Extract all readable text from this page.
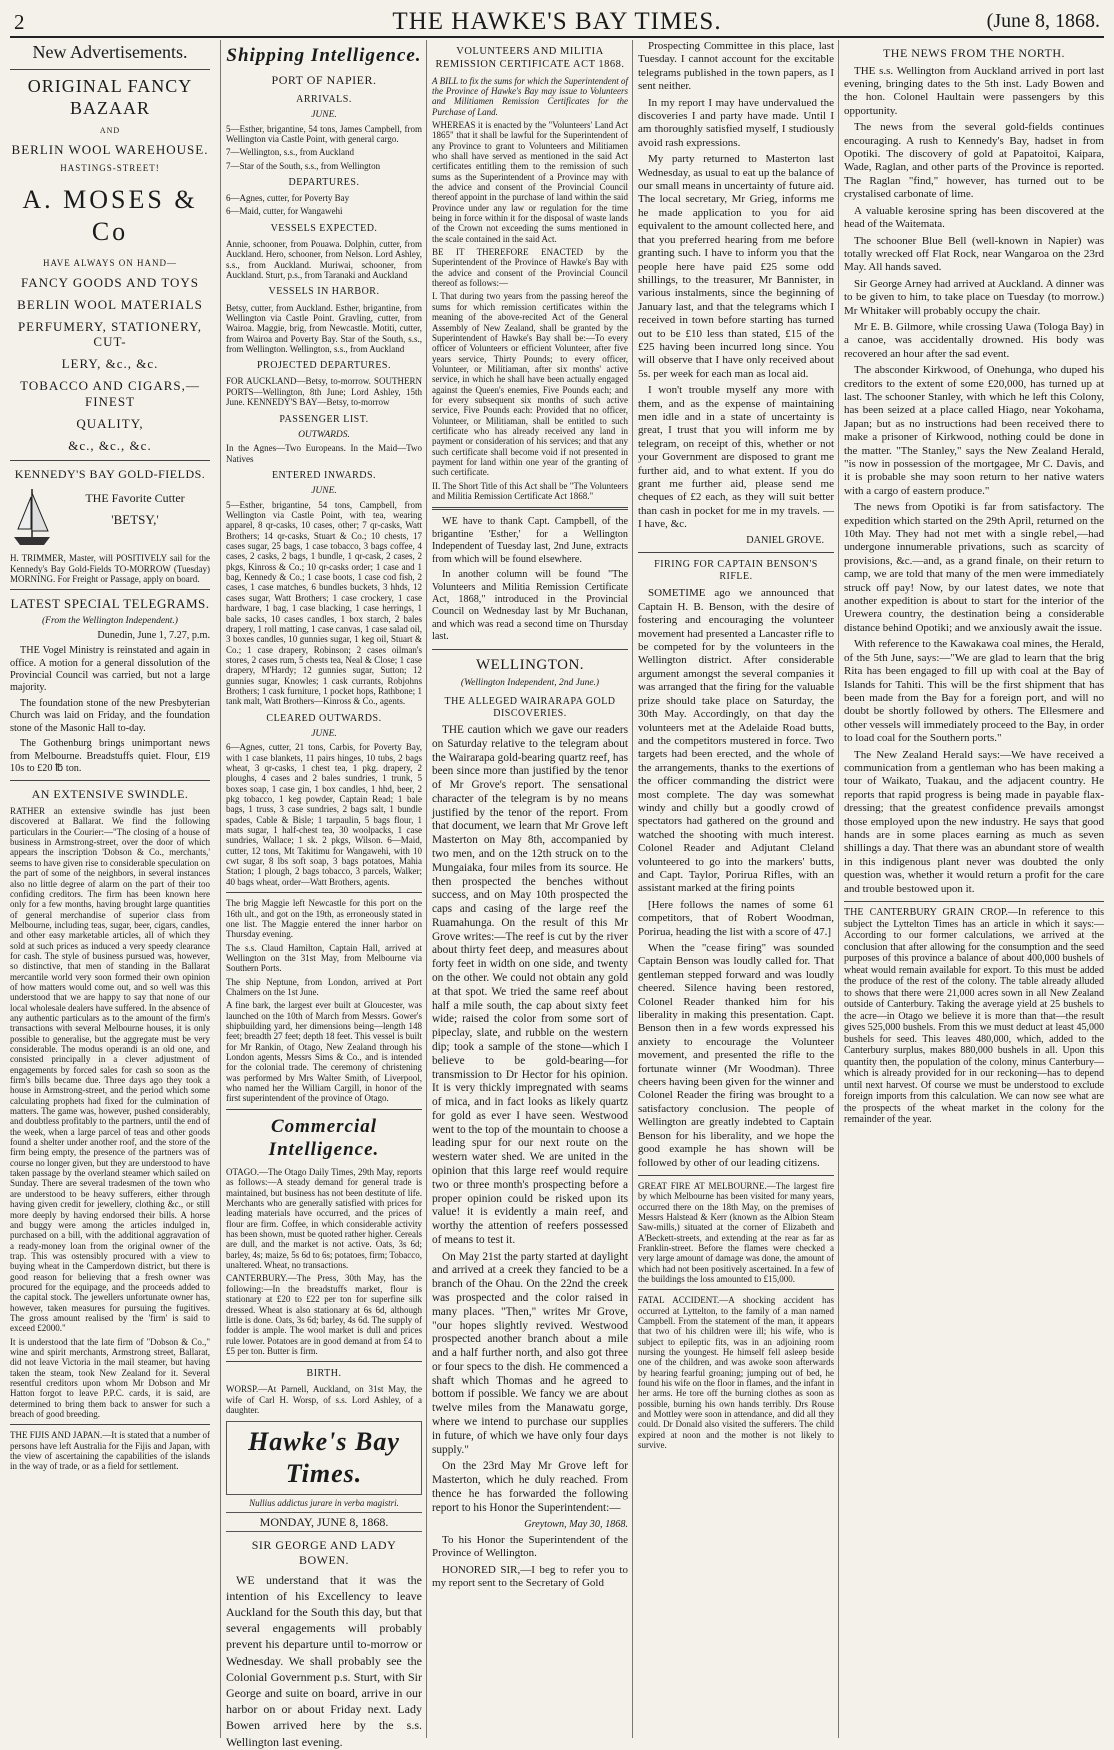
2	THE HAWKE'S BAY TIMES.	(June 8, 1868.
New Advertisements.
ORIGINAL FANCY BAZAAR
AND
BERLIN WOOL WAREHOUSE.
HASTINGS-STREET!
A. MOSES & Co
HAVE ALWAYS ON HAND—
FANCY GOODS AND TOYS
BERLIN WOOL MATERIALS
PERFUMERY, STATIONERY, CUT-
LERY, &c., &c.
TOBACCO AND CIGARS,—FINEST
QUALITY,
&c., &c., &c.
KENNEDY'S BAY GOLD-FIELDS.
THE Favorite Cutter
'BETSY,'

H. TRIMMER, Master, will POSITIVELY sail for the Kennedy's Bay Gold-Fields TO-MORROW (Tuesday) MORNING. For Freight or Passage, apply on board.

LATEST SPECIAL TELEGRAMS.
(From the Wellington Independent.)

Dunedin, June 1, 7.27, p.m.

THE Vogel Ministry is reinstated and again in office. A motion for a general dissolution of the Provincial Council was carried, but not a large majority.

The foundation stone of the new Presbyterian Church was laid on Friday, and the foundation stone of the Masonic Hall to-day.

The Gothenburg brings unimportant news from Melbourne. Breadstuffs quiet. Flour, £19 10s to £20 ℔ ton.

AN EXTENSIVE SWINDLE.

RATHER an extensive swindle has just been discovered at Ballarat. We find the following particulars in the Courier:—"The closing of a house of business in Armstrong-street, over the door of which appears the inscription 'Dobson & Co., merchants,' seems to have given rise to considerable speculation on the part of some of the neighbors, in several instances also no little degree of alarm on the part of their too confiding creditors. The firm has been known here only for a few months, having brought large quantities of general merchandise of superior class from Melbourne, including teas, sugar, beer, cigars, candles, and other easy marketable articles, all of which they sold at such prices as induced a very speedy clearance for cash. The style of business pursued was, however, so distinctive, that men of standing in the Ballarat mercantile world very soon formed their own opinion of how matters would come out, and so well was this understood that we are happy to say that none of our local wholesale dealers have suffered. In the absence of any authentic particulars as to the amount of the firm's transactions with several Melbourne houses, it is only possible to generalise, but the aggregate must be very considerable. The modus operandi is an old one, and consisted principally in a clever adjustment of engagements by forced sales for cash so soon as the firm's bills became due. Three days ago they took a house in Armstrong-street, and the period which some calculating prophets had fixed for the culmination of matters. The game was, however, pushed considerably, and doubtless profitably to the partners, until the end of the week, when a large parcel of teas and other goods found a shelter under another roof, and the store of the firm being empty, the presence of the partners was of course no longer given, but they are understood to have taken passage by the overland steamer which sailed on Sunday. There are several tradesmen of the town who are understood to be heavy sufferers, either through having given credit for jewellery, clothing &c., or still more deeply by having endorsed their bills. A horse and buggy were among the articles indulged in, purchased on a bill, with the additional aggravation of a ready-money loan from the original owner of the trap. This was ostensibly procured with a view to buying wheat in the Camperdown district, but there is good reason for believing that a fresh owner was procured for the equipage, and the proceeds added to the capital stock. The jewellers unfortunate owner has, however, taken measures for pursuing the fugitives. The gross amount realised by the 'firm' is said to exceed £2000."

It is understood that the late firm of "Dobson & Co.," wine and spirit merchants, Armstrong street, Ballarat, did not leave Victoria in the mail steamer, but having taken the steam, took New Zealand for it. Several resentful creditors upon whom Mr Dobson and Mr Hatton forgot to leave P.P.C. cards, it is said, are determined to bring them back to answer for such a breach of good breeding.

THE FIJIS AND JAPAN.—It is stated that a number of persons have left Australia for the Fijis and Japan, with the view of ascertaining the capabilities of the islands in the way of trade, or as a field for settlement.

Shipping Intelligence.
PORT OF NAPIER.
ARRIVALS.
JUNE.

5—Esther, brigantine, 54 tons, James Campbell, from Wellington via Castle Point, with general cargo.

7—Wellington, s.s., from Auckland

7—Star of the South, s.s., from Wellington

DEPARTURES.

6—Agnes, cutter, for Poverty Bay

6—Maid, cutter, for Wangawehi

VESSELS EXPECTED.

Annie, schooner, from Pouawa. Dolphin, cutter, from Auckland. Hero, schooner, from Nelson. Lord Ashley, s.s., from Auckland. Muriwai, schooner, from Auckland. Sturt, p.s., from Taranaki and Auckland

VESSELS IN HARBOR.

Betsy, cutter, from Auckland. Esther, brigantine, from Wellington via Castle Point. Gravling, cutter, from Wairoa. Maggie, brig, from Newcastle. Motiti, cutter, from Wairoa and Poverty Bay. Star of the South, s.s., from Wellington. Wellington, s.s., from Auckland

PROJECTED DEPARTURES.

FOR AUCKLAND—Betsy, to-morrow. SOUTHERN PORTS—Wellington, 8th June; Lord Ashley, 15th June. KENNEDY'S BAY—Betsy, to-morrow

PASSENGER LIST.
OUTWARDS.

In the Agnes—Two Europeans. In the Maid—Two Natives

ENTERED INWARDS.
JUNE.

5—Esther, brigantine, 54 tons, Campbell, from Wellington via Castle Point, with tea, wearing apparel, 8 qr-casks, 10 cases, other; 7 qr-casks, Watt Brothers; 14 qr-casks, Stuart & Co.; 10 chests, 17 cases sugar, 25 bags, 1 case tobacco, 3 bags coffee, 4 cases, 2 casks, 2 bags, 1 bundle, 1 qr-cask, 2 cases, 2 pkgs, Kinross & Co.; 10 qr-casks order; 1 case and 1 bag, Kennedy & Co.; 1 case boots, 1 case cod fish, 2 cases, 1 case matches, 6 bundles buckets, 3 hhds, 12 cases sugar, Watt Brothers; 1 case crockery, 1 case hardware, 1 bag, 1 case blacking, 1 case herrings, 1 bale sacks, 10 cases candles, 1 box starch, 2 bales drapery, 1 roll matting, 1 case canvas, 1 case salad oil, 3 boxes candles, 10 gunnies sugar, 1 keg oil, Stuart & Co.; 1 case drapery, Robinson; 2 cases oilman's stores, 2 cases rum, 5 chests tea, Neal & Close; 1 case drapery, M'Hardy; 12 gunnies sugar, Sutton; 12 gunnies sugar, Knowles; 1 cask currants, Robjohns Brothers; 1 cask furniture, 1 pocket hops, Rathbone; 1 tank malt, Watt Brothers—Kinross & Co., agents.

CLEARED OUTWARDS.
JUNE.

6—Agnes, cutter, 21 tons, Carbis, for Poverty Bay, with 1 case blankets, 11 pairs hinges, 10 tubs, 2 bags wheat, 3 qr-casks, 1 chest tea, 1 pkg. drapery, 2 ploughs, 4 cases and 2 bales sundries, 1 trunk, 5 boxes soap, 1 case gin, 1 box candles, 1 hhd, beer, 2 pkg tobacco, 1 keg powder, Captain Read; 1 bale bags, 1 truss, 3 case sundries, 2 bags salt, 1 bundle spades, Cable & Bisle; 1 tarpaulin, 5 bags flour, 1 mats sugar, 1 half-chest tea, 30 woolpacks, 1 case sundries, Wallace; 1 sk. 2 pkgs, Wilson. 6—Maid, cutter, 12 tons, Mt Takitimu for Wangawehi, with 10 cwt sugar, 8 lbs soft soap, 3 bags potatoes, Mahia Station; 1 plough, 2 bags tobacco, 3 parcels, Walker; 40 bags wheat, order—Watt Brothers, agents.

The brig Maggie left Newcastle for this port on the 16th ult., and got on the 19th, as erroneously stated in one list. The Maggie entered the inner harbor on Thursday evening.

The s.s. Claud Hamilton, Captain Hall, arrived at Wellington on the 31st May, from Melbourne via Southern Ports.

The ship Neptune, from London, arrived at Port Chalmers on the 1st June.

A fine bark, the largest ever built at Gloucester, was launched on the 10th of March from Messrs. Gower's shipbuilding yard, her dimensions being—length 148 feet; breadth 27 feet; depth 18 feet. This vessel is built for Mr Rankin, of Otago, New Zealand through his London agents, Messrs Sims & Co., and is intended for the colonial trade. The ceremony of christening was performed by Mrs Walter Smith, of Liverpool, who named her the William Cargill, in honor of the first superintendent of the province of Otago.

Commercial Intelligence.

OTAGO.—The Otago Daily Times, 29th May, reports as follows:—A steady demand for general trade is maintained, but business has not been destitute of life. Merchants who are generally satisfied with prices for leading materials have occurred, and the prices of flour are firm. Coffee, in which considerable activity has been shown, must be quoted rather higher. Cereals are dull, and the market is not active. Oats, 3s 6d; barley, 4s; maize, 5s 6d to 6s; potatoes, firm; Tobacco, unaltered. Wheat, no transactions.

CANTERBURY.—The Press, 30th May, has the following:—In the breadstuffs market, flour is stationary at £20 to £22 per ton for superfine silk dressed. Wheat is also stationary at 6s 6d, although little is done. Oats, 3s 6d; barley, 4s 6d. The supply of fodder is ample. The wool market is dull and prices rule lower. Potatoes are in good demand at from £4 to £5 per ton. Butter is firm.

BIRTH.

WORSP.—At Parnell, Auckland, on 31st May, the wife of Carl H. Worsp, of s.s. Lord Ashley, of a daughter.

Hawke's Bay Times.
Nullius addictus jurare in verba magistri.
MONDAY, JUNE 8, 1868.
SIR GEORGE AND LADY BOWEN.

WE understand that it was the intention of his Excellency to leave Auckland for the South this day, but that several engagements will probably prevent his departure until to-morrow or Wednesday. We shall probably see the Colonial Government p.s. Sturt, with Sir George and suite on board, arrive in our harbor on or about Friday next. Lady Bowen arrived here by the s.s. Wellington last evening.

VOLUNTEERS AND MILITIA REMISSION CERTIFICATE ACT 1868.

A BILL to fix the sums for which the Superintendent of the Province of Hawke's Bay may issue to Volunteers and Militiamen Remission Certificates for the Purchase of Land.

WHEREAS it is enacted by the "Volunteers' Land Act 1865" that it shall be lawful for the Superintendent of any Province to grant to Volunteers and Militiamen who shall have served as mentioned in the said Act certificates entitling them to the remission of such sums as the Superintendent of a Province may with the advice and consent of the Provincial Council thereof appoint in the purchase of land within the said Province under any law or regulation for the time being in force within it for the disposal of waste lands of the Crown not exceeding the sums mentioned in the scale contained in the said Act.

BE IT THEREFORE ENACTED by the Superintendent of the Province of Hawke's Bay with the advice and consent of the Provincial Council thereof as follows:—

I. That during two years from the passing hereof the sums for which remission certificates within the meaning of the above-recited Act of the General Assembly of New Zealand, shall be granted by the Superintendent of Hawke's Bay shall be:—To every officer of Volunteers or efficient Volunteer, after five years service, Thirty Pounds; to every officer, Volunteer, or Militiaman, after six months' active service, in which he shall have been actually engaged against the Queen's enemies, Five Pounds each; and for every subsequent six months of such active service, Five Pounds each: Provided that no officer, Volunteer, or Militiaman, shall be entitled to such certificate who has already received any land in payment or consideration of his services; and that any such certificate shall become void if not presented in payment for land within one year of the granting of such certificate.

II. The Short Title of this Act shall be "The Volunteers and Militia Remission Certificate Act 1868."

WE have to thank Capt. Campbell, of the brigantine 'Esther,' for a Wellington Independent of Tuesday last, 2nd June, extracts from which will be found elsewhere.

In another column will be found "The Volunteers and Militia Remission Certificate Act, 1868," introduced in the Provincial Council on Wednesday last by Mr Buchanan, and which was read a second time on Thursday last.

WELLINGTON.
(Wellington Independent, 2nd June.)
THE ALLEGED WAIRARAPA GOLD DISCOVERIES.

THE caution which we gave our readers on Saturday relative to the telegram about the Wairarapa gold-bearing quartz reef, has been since more than justified by the tenor of Mr Grove's report. The sensational character of the telegram is by no means justified by the tenor of the report. From that document, we learn that Mr Grove left Masterton on May 8th, accompanied by two men, and on the 12th struck on to the Mungaiaka, four miles from its source. He then prospected the benches without success, and on May 10th prospected the caps and casing of the large reef the Ruamahunga. On the result of this Mr Grove writes:—The reef is cut by the river about thirty feet deep, and measures about forty feet in width on one side, and twenty on the other. We could not obtain any gold at that spot. We tried the same reef about half a mile south, the cap about sixty feet wide; raised the color from some sort of pipeclay, slate, and rubble on the western dip; took a sample of the stone—which I believe to be gold-bearing—for transmission to Dr Hector for his opinion. It is very thickly impregnated with seams of mica, and in fact looks as likely quartz for gold as ever I have seen. Westwood went to the top of the mountain to choose a leading spur for our next route on the western water shed. We are united in the opinion that this large reef would require two or three month's prospecting before a proper opinion could be risked upon its value! it is evidently a main reef, and worthy the attention of reefers possessed of means to test it.

On May 21st the party started at daylight and arrived at a creek they fancied to be a branch of the Ohau. On the 22nd the creek was prospected and the color raised in many places. "Then," writes Mr Grove, "our hopes slightly revived. Westwood prospected another branch about a mile and a half further north, and also got three or four specs to the dish. He commenced a shaft which Thomas and he agreed to bottom if possible. We fancy we are about twelve miles from the Manawatu gorge, where we intend to purchase our supplies in future, of which we have only four days supply."

On the 23rd May Mr Grove left for Masterton, which he duly reached. From thence he has forwarded the following report to his Honor the Superintendent:—

Greytown, May 30, 1868.

To his Honor the Superintendent of the Province of Wellington.

HONORED SIR,—I beg to refer you to my report sent to the Secretary of Gold

Prospecting Committee in this place, last Tuesday. I cannot account for the excitable telegrams published in the town papers, as I sent neither.

In my report I may have undervalued the discoveries I and party have made. Until I am thoroughly satisfied myself, I studiously avoid rash expressions.

My party returned to Masterton last Wednesday, as usual to eat up the balance of our small means in uncertainty of future aid. The local secretary, Mr Grieg, informs me he made application to you for aid equivalent to the amount collected here, and that you preferred hearing from me before granting such. I have to inform you that the people here have paid £25 some odd shillings, to the treasurer, Mr Bannister, in various instalments, since the beginning of January last, and that the telegrams which I received in town before starting has turned out to be £10 less than stated, £15 of the £25 having been incurred long since. You will observe that I have only received about 5s. per week for each man as local aid.

I won't trouble myself any more with them, and as the expense of maintaining men idle and in a state of uncertainty is great, I trust that you will inform me by telegram, on receipt of this, whether or not your Government are disposed to grant me further aid, and to what extent. If you do grant me further aid, please send me cheques of £2 each, as they will suit better than cash in pocket for me in my travels. —I have, &c.

DANIEL GROVE.

FIRING FOR CAPTAIN BENSON'S RIFLE.

SOMETIME ago we announced that Captain H. B. Benson, with the desire of fostering and encouraging the volunteer movement had presented a Lancaster rifle to be competed for by the volunteers in the Wellington district. After considerable argument amongst the several companies it was arranged that the firing for the valuable prize should take place on Saturday, the 30th May. Accordingly, on that day the volunteers met at the Adelaide Road butts, and the competitors mustered in force. Two targets had been erected, and the whole of the arrangements, thanks to the exertions of the officer commanding the district were most complete. The day was somewhat windy and chilly but a goodly crowd of spectators had gathered on the ground and watched the shooting with much interest. Colonel Reader and Adjutant Cleland volunteered to go into the markers' butts, and Capt. Taylor, Porirua Rifles, with an assistant marked at the firing points

[Here follows the names of some 61 competitors, that of Robert Woodman, Porirua, heading the list with a score of 47.]

When the "cease firing" was sounded Captain Benson was loudly called for. That gentleman stepped forward and was loudly cheered. Silence having been restored, Colonel Reader thanked him for his liberality in making this presentation. Capt. Benson then in a few words expressed his anxiety to encourage the Volunteer movement, and presented the rifle to the fortunate winner (Mr Woodman). Three cheers having been given for the winner and Colonel Reader the firing was brought to a satisfactory conclusion. The people of Wellington are greatly indebted to Captain Benson for his liberality, and we hope the good example he has shown will be followed by other of our leading citizens.

GREAT FIRE AT MELBOURNE.—The largest fire by which Melbourne has been visited for many years, occurred there on the 18th May, on the premises of Messrs Halstead & Kerr (known as the Albion Steam Saw-mills,) situated at the corner of Elizabeth and A'Beckett-streets, and extending at the rear as far as Franklin-street. Before the flames were checked a very large amount of damage was done, the amount of which had not been positively ascertained. In a few of the buildings the loss amounted to £15,000.

FATAL ACCIDENT.—A shocking accident has occurred at Lyttelton, to the family of a man named Campbell. From the statement of the man, it appears that two of his children were ill; his wife, who is subject to epileptic fits, was in an adjoining room nursing the youngest. He himself fell asleep beside one of the children, and was awoke soon afterwards by hearing fearful groaning; jumping out of bed, he found his wife on the floor in flames, and the infant in her arms. He tore off the burning clothes as soon as possible, burning his own hands terribly. Drs Rouse and Mottley were soon in attendance, and did all they could. Dr Donald also visited the sufferers. The child expired at noon and the mother is not likely to survive.

THE NEWS FROM THE NORTH.

THE s.s. Wellington from Auckland arrived in port last evening, bringing dates to the 5th inst. Lady Bowen and the hon. Colonel Haultain were passengers by this opportunity.

The news from the several gold-fields continues encouraging. A rush to Kennedy's Bay, hadset in from Opotiki. The discovery of gold at Papatoitoi, Kaipara, Wade, Raglan, and other parts of the Province is reported. The Raglan "find," however, has turned out to be crystalised carbonate of lime.

A valuable kerosine spring has been discovered at the head of the Waitemata.

The schooner Blue Bell (well-known in Napier) was totally wrecked off Flat Rock, near Wangaroa on the 23rd May. All hands saved.

Sir George Arney had arrived at Auckland. A dinner was to be given to him, to take place on Tuesday (to morrow.) Mr Whitaker will probably occupy the chair.

Mr E. B. Gilmore, while crossing Uawa (Tologa Bay) in a canoe, was accidentally drowned. His body was recovered an hour after the sad event.

The absconder Kirkwood, of Onehunga, who duped his creditors to the extent of some £20,000, has turned up at last. The schooner Stanley, with which he left this Colony, has been seized at a place called Hiago, near Yokohama, Japan; but as no instructions had been received there to make a prisoner of Kirkwood, nothing could be done in the matter. "The Stanley," says the New Zealand Herald, "is now in possession of the mortgagee, Mr C. Davis, and it is probable she may soon return to her native waters with a cargo of eastern produce."

The news from Opotiki is far from satisfactory. The expedition which started on the 29th April, returned on the 10th May. They had not met with a single rebel,—had undergone innumerable privations, such as scarcity of provisions, &c.—and, as a grand finale, on their return to camp, we are told that many of the men were immediately struck off pay! Now, by our latest dates, we note that another expedition is about to start for the interior of the Urewera country, the destination being a considerable distance behind Opotiki; and we anxiously await the issue.

With reference to the Kawakawa coal mines, the Herald, of the 5th June, says:—"We are glad to learn that the brig Rita has been engaged to fill up with coal at the Bay of Islands for Tahiti. This will be the first shipment that has been made from the Bay for a foreign port, and will no doubt be shortly followed by others. The Ellesmere and other vessels will immediately proceed to the Bay, in order to load coal for the Southern ports."

The New Zealand Herald says:—We have received a communication from a gentleman who has been making a tour of Waikato, Tuakau, and the adjacent country. He reports that rapid progress is being made in payable flax-dressing; that the greatest confidence prevails amongst those employed upon the new industry. He says that good hands are in some places earning as much as seven shillings a day. That there was an abundant store of wealth in this indigenous plant never was doubted the only question was, whether it would return a profit for the care and trouble bestowed upon it.

THE CANTERBURY GRAIN CROP.—In reference to this subject the Lyttelton Times has an article in which it says:—According to our former calculations, we arrived at the conclusion that after allowing for the consumption and the seed purposes of this province a balance of about 400,000 bushels of wheat would remain available for export. To this must be added the produce of the rest of the colony. The table already alluded to shows that there were 21,000 acres sown in all New Zealand outside of Canterbury. Taking the average yield at 25 bushels to the acre—in Otago we believe it is more than that—the result gives 525,000 bushels. From this we must deduct at least 45,000 bushels for seed. This leaves 480,000, which, added to the Canterbury surplus, makes 880,000 bushels in all. Upon this quantity then, the population of the colony, minus Canterbury—which is already provided for in our reckoning—has to depend until next harvest. Of course we must be understood to exclude foreign imports from this calculation. We can now see what are the prospects of the wheat market in the colony for the remainder of the year.
